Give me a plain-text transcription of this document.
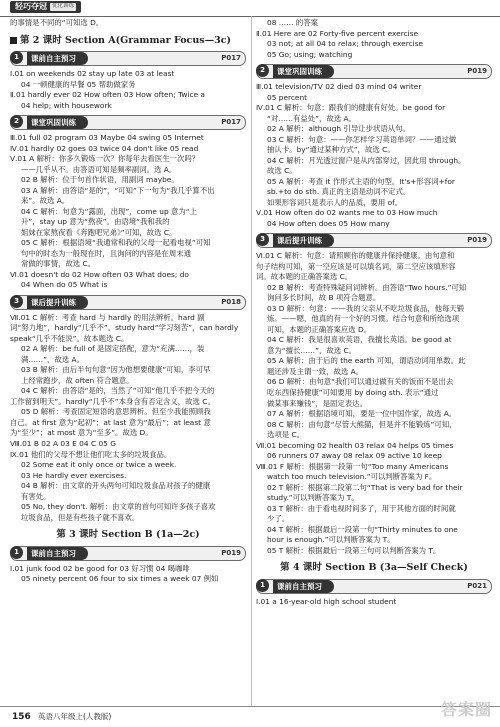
轻巧夺冠 优化训练
的事情是不同的“可知选 D。
第 2 课时 Section A(Grammar Focus—3c)
1	课前自主预习	P017
Ⅰ.01 on weekends 02 stay up late 03 at least
04 一顿健康的早餐 05 帮助做家务
Ⅱ.01 hardly ever 02 How often 03 How often; Twice a
04 help; with housework
2	课堂巩固训练	P017
Ⅲ.01 full 02 program 03 Maybe 04 swing 05 Internet
Ⅳ.01 hardly 02 goes 03 twice 04 don't like 05 read
Ⅴ.01 A 解析：你多久锻炼一次？你每年去看医生一次吗？
——几乎从不。由答语可知是频率副词。选 A。
02 B 解析：位于句首作状语，用副词 maybe。
03 A 解析：由答语“是的”，“可知”下一句为“我几乎算不出
来”。故选 A。
04 C 解析：句意为“露面，出现”，come up 意为“上
升”，stay up 意为“熬夜”。由语境“我和我的
姐妹在家熬夜看《奔跑吧兄弟》”可知，故选 C。
05 C 解析：根据语境“我通常和我的父母一起看电视”可知
句中的时态为一般现在时，且询问的内容是在周末通
常做的事情，故选 C。
Ⅵ.01 doesn't do 02 How often 03 What does; do
04 When do 05 What is
3	课后提升训练	P018
Ⅶ.01 C 解析：考查 hard 与 hardly 的用法辨析。hard 副
词“努力地”，hardly“几乎不”。study hard“学习刻苦”，can hardly
speak“几乎不能说”。故本题选 C。
02 A 解析：be full of 是固定搭配，意为“充满……，装
满……”，故选 A。
03 B 解析：由后半句句意“因为他想要健康”可知，李可早
上经常跑步，故 often 符合题意。
04 C 解析：由答语“是的，当然了”可知“他几乎不把今天的
工作留到明天”。hardly“几乎不”本身含有否定含义，故选 C。
05 D 解析：考查固定短语的意思辨析。但至少我能照顾我
自己。at first 意为“起初”；at last 意为“最后”；at least 意
为“至少”；at most 意为“至多”。故选 D。
Ⅷ.01 B 02 A 03 E 04 C 05 G
Ⅸ.01 他们的父母不想让他们吃太多的垃圾食品。
02 Some eat it only once or twice a week.
03 He hardly ever exercises.
04 B 解析：由文章的开头两句可知垃圾食品对孩子的健康
有害处。
05 No, they don't. 解析：由文章的首句可知许多孩子喜欢
垃圾食品，但是有些孩子就不喜欢。
第 3 课时 Section B (1a—2c)
1	课前自主预习	P019
Ⅰ.01 junk food 02 be good for 03 好习惯 04 喝咖啡
05 ninety percent 06 four to six times a week 07 例如
08 …… 的答案
Ⅱ.01 Here are 02 Forty-five percent exercise
03 not; at all 04 to relax; through exercise
05 Go; using; watching
2	课堂巩固训练	P019
Ⅲ.01 television/TV 02 died 03 mind 04 writer
05 percent
Ⅳ.01 C 解析：句意：跟我们的健康有好处。be good for
“对……有益处”，故选 A。
02 A 解析：although 引导让步状语从句。
03 C 解析：句意：——你怎样学习英语单词？——通过做
抽认卡。by“通过某种方式”，故选 C。
04 C 解析：月光透过窗户是从内部穿过，因此用 through。
故选 C。
05 A 解析：考查 it 作形式主语的句型。It's+形容词+for
sb.+to do sth. 真正的主语是动词不定式。
如果形容词只是表示人的品质，要用 of。
Ⅴ.01 How often do 02 wants me to 03 How much
04 How often does 05 How many
3	课后提升训练	P019
Ⅵ.01 C 解析：句意：请照顾你的健康并保持健康。由句意和
句子结构可知，第一空应该是可以填名词，第二空应该填形容
词。故本题的正确答案选 C。
02 B 解析：考查特殊疑问词辨析。由答语“Two hours.”可知
询问多长时间，故 B 项符合题意。
03 D 解析：句意：——我的父亲从不吃垃圾食品，他每天锻
炼。——嗯，他真的有一个好的习惯。结合句意和所给选项
可知，本题的正确答案应选 D。
04 C 解析：我是很喜欢英语，我擅长英语。be good at
意为“擅长……”，故选 C。
05 A 解析：由于后的 the earth 可知，谓语动词用单数。此
题还涉及主谓一致，故选 A。
06 D 解析：由句意“我们可以通过做有关的饭而不是出去
吃东西保持健康”可知要用 by doing sth. 表示“通过
做某事来赚钱”，是固定表达。
07 A 解析：根据语境可知，要是一位中国作家，故选 A。
08 C 解析：由句意“尽管大熊猫，但是并不能锻炼”可知，
选项是 C。
Ⅶ.01 becoming 02 health 03 relax 04 helps 05 times
06 runners 07 away 08 relax 09 active 10 keep
Ⅷ.01 F 解析：根据第一段第一句“Too many Americans
watch too much television.”可以判断答案为 F。
02 T 解析：根据第二段第二句“That is very bad for their
study.”可以判断答案为 T。
03 T 解析：由于看电视时间多了，用于其他方面的时间就
少了。
04 T 解析：根据最后一段第一句“Thirty minutes to one
hour is enough.”可以判断答案为 T。
05 T 解析：根据最后一段第三句可以判断答案为 T。
第 4 课时 Section B (3a—Self Check)
1	课前自主预习	P021
Ⅰ.01 a 16-year-old high school student
156 英语八年级上(人教版)	答案圈
